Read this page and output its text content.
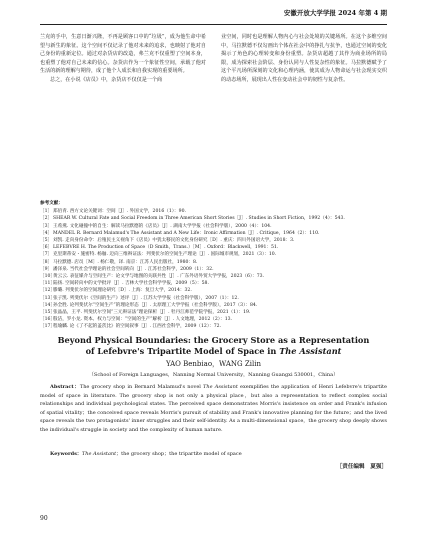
安徽开放大学学报 2024 年第 4 期

兰克的手中，生意日渐兴隆，不再是顾客口中的“垃圾”，成为他生命中希望与新生的象征。这个空间不仅记录了他对未来的追求，也映射了他对自己身份的重新定位。通过对杂货店的改造，弗兰克不仅重塑了空间本身，也重塑了他对自己未来的信心。杂货店作为一个象征性空间，承载了他对生活的新的理解与期待，成了他个人成长和自我实现的重要场所。

总之，在小说《店员》中，杂货店不仅仅是一个商

业空间，同时也是理解人物内心与社会处境的关键场所。在这个多维空间中，马拉默德不仅勾画出个体在社会中的挣扎与抗争，也通过空间的变化揭示了角色的心理转变和身份重塑。杂货店超越了其作为商业场所的局限，成为探索社会阶层、身份认同与人性复杂性的象征。马拉默德赋予了这个平凡场所深刻的文化和心理内涵，使其成为人物命运与社会现实交织的动态场所，展现出人性在变动社会中的韧性与复杂性。

参考文献：
［1］ 郑佰青. 西方文论关键词：空间［J］. 外国文学，2016（1）：90.
［2］ SHEAR W. Cultural Fate and Social Freedom in Three American Short Stories［J］. Studies in Short Fiction，1992（4）：543.
［3］ 王希燕. 文化碰撞中的自生：解读马拉默德的《店员》［J］. 湖南大学学报（社会科学版），2000（4）：104.
［4］ MANDEL R. Bernard Malamud's The Assistant and A New Life：Ironic Affirmation［J］. Critique，1964（2）：110.
［5］ 刘凯. 走向身份命令：后殖民主义视角下《店员》中犹太移民的文化身份研究［D］. 重庆：四川外国语大学，2018：3.
［6］ LEFEBVRE H. The Production of Space（D Smith，Trans.）［M］. Oxford：Blackwell，1991：51.
［7］ 克里斯蒂安・施密特. 杨舢. 迈向三维辩证法：列斐伏尔的空间生产理论［J］. 国际城市规划，2021（3）：10.
［8］ 马拉默德. 店员［M］. 杨仁敬，译. 南京：江苏人民出版社，1980：8.
［9］ 潘泽泉. 当代社会学理论的社会空间转向［J］. 江苏社会科学，2009（1）：32.
［10］
黄云云. 表征媒介与空间生产：论文学与地图的关联共性［J］. 广东外语外贸大学学报，2023（6）：73.
［11］
陆扬. 空间转向中的文学批评［J］. 吉林大学社会科学学报，2009（5）：58.
［12］
滕璐. 列斐伏尔的空间理论研究［D］. 上海：复旦大学，2014：32.
［13］
张子凯. 列斐伏尔《空间的生产》述评［J］. 江苏大学学报（社会科学版），2007（1）：12.
［14］
孙全胜. 论列斐伏尔“空间生产”的理论形态［J］. 太原理工大学学报（社会科学版），2017（3）：84.
［15］
张晶晶，王平. 列斐伏尔空间“三元辩证法”理论探析［J］. 牡丹江师范学院学报，2021（1）：19.
［16］
殷洁，罗小龙. 资本、权力与空间：“空间的生产”解析［J］. 人文地理，2012（2）：13.
［17］
程瑜麟. 论《了不起的盖茨比》的空间叙事［J］. 江西社会科学，2009（12）：72.
Beyond Physical Boundaries: the Grocery Store as a Representation
of Lefebvre's Tripartite Model of Space in The Assistant
YAO Benbiao，WANG Zilin
（School of Foreign Languages，Nanning Normal University，Nanning Guangxi 530001，China）
Abstract：The grocery shop in Bernard Malamud's novel The Assistant exemplifies the application of Henri Lefebvre's tripartite model of space in literature. The grocery shop is not only a physical place，but also a representation to reflect complex social relationships and individual psychological states. The perceived space demonstrates Morris's insistence on order and Frank's infusion of spatial vitality；the conceived space reveals Morris's pursuit of stability and Frank's innovative planning for the future；and the lived space reveals the two protagonists' inner struggles and their self-identity. As a multi-dimensional space，the grocery shop deeply shows the individual's struggle in society and the complexity of human nature.
Keywords：The Assistant；the grocery shop；the tripartite model of space
［责任编辑　夏强］
90
